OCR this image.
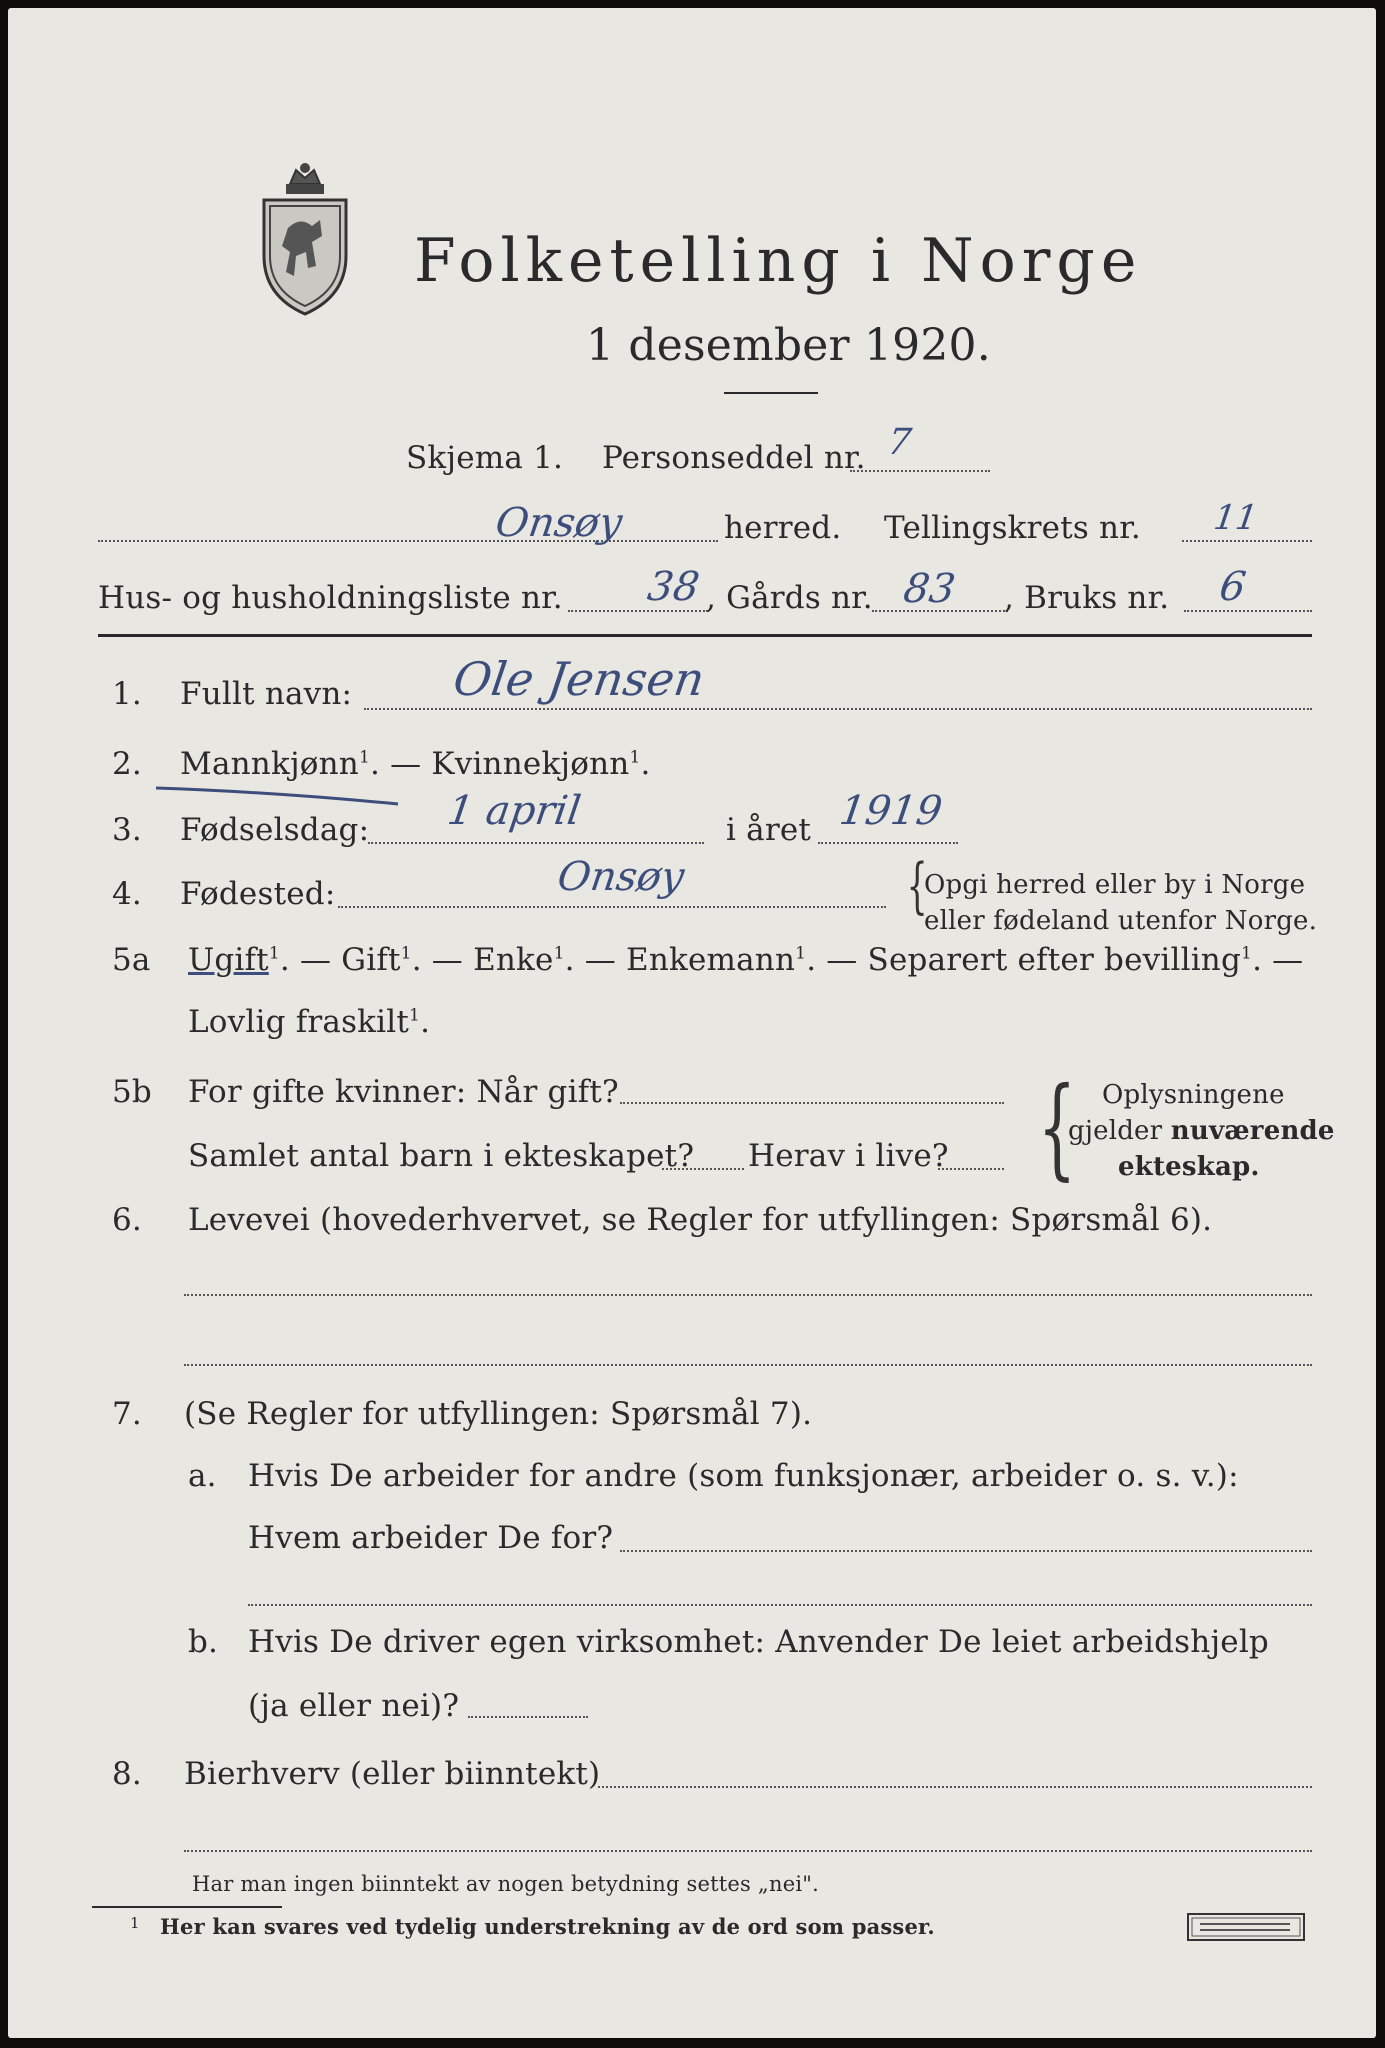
Folketelling i Norge
1 desember 1920.
Skjema 1. Personseddel nr. 7
Onsøy	herred. Tellingskrets nr. 11
Hus- og husholdningsliste nr. 38 , Gårds nr. 83 , Bruks nr. 6
1. Fullt navn: Ole Jensen
2. Mannkjønn$^1$. — Kvinnekjønn$^1$.
3. Fødselsdag: 1 april	i året 1919
4. Fødested:	Onsøy	{
Opgi herred eller by i Norge
eller fødeland utenfor Norge.
5a Ugift$^1$. — Gift$^1$. — Enke$^1$. — Enkemann$^1$. — Separert efter bevilling$^1$. —
Lovlig fraskilt$^1$.
5b For gifte kvinner: Når gift?
Samlet antal barn i ekteskapet? Herav i live? { Oplysningene
gjelder nuværende
ekteskap.
6. Levevei (hovederhvervet, se Regler for utfyllingen: Spørsmål 6).
7. (Se Regler for utfyllingen: Spørsmål 7).
a. Hvis De arbeider for andre (som funksjonær, arbeider o. s. v.):
Hvem arbeider De for?
b. Hvis De driver egen virksomhet: Anvender De leiet arbeidshjelp
(ja eller nei)?
8. Bierhverv (eller biinntekt)
Har man ingen biinntekt av nogen betydning settes „nei".
1 Her kan svares ved tydelig understrekning av de ord som passer.
